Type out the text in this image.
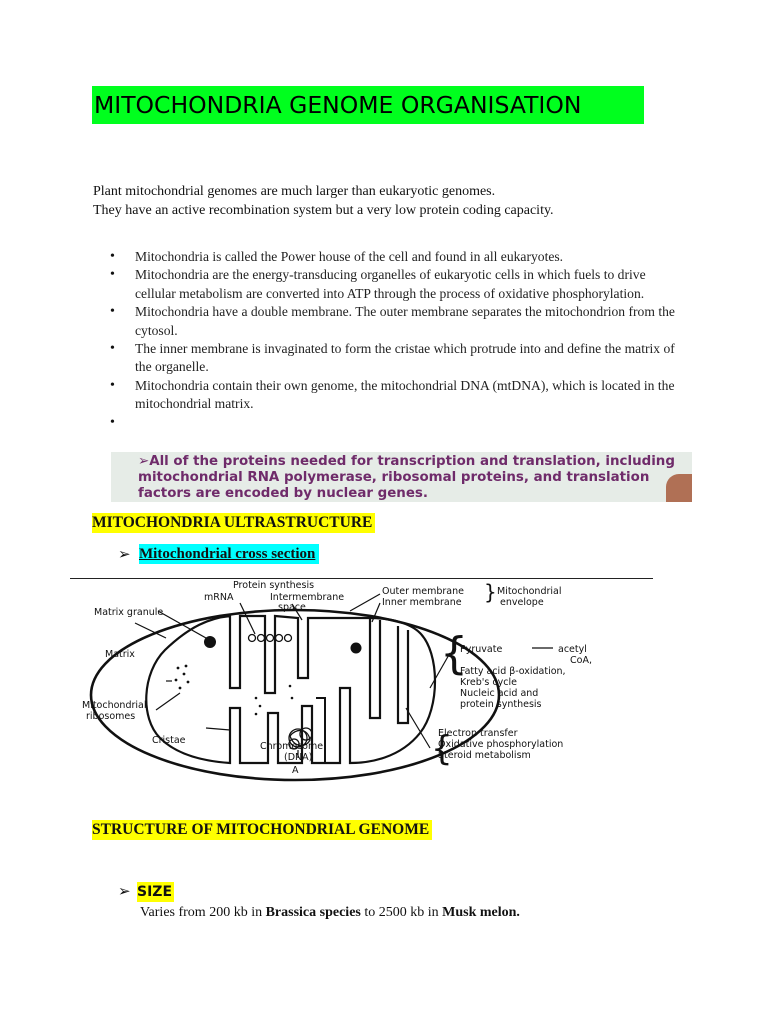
MITOCHONDRIA GENOME ORGANISATION
Plant mitochondrial genomes are much larger than eukaryotic genomes.
They have an active recombination system but a very low protein coding capacity.
• Mitochondria is called the Power house of the cell and found in all eukaryotes.
• Mitochondria are the energy-transducing organelles of eukaryotic cells in which fuels to drive cellular metabolism are converted into ATP through the process of oxidative phosphorylation.
• Mitochondria have a double membrane. The outer membrane separates the mitochondrion from the cytosol.
• The inner membrane is invaginated to form the cristae which protrude into and define the matrix of the organelle.
• Mitochondria contain their own genome, the mitochondrial DNA (mtDNA), which is located in the mitochondrial matrix.
•
➢All of the proteins needed for transcription and translation, including mitochondrial RNA polymerase, ribosomal proteins, and translation factors are encoded by nuclear genes.
MITOCHONDRIA ULTRASTRUCTURE
➢ Mitochondrial cross section
}
{
{
Protein synthesis
mRNA	Intermembrane
space
Outer membrane
Inner membrane
Mitochondrial
envelope
Matrix granule
Matrix
Mitochondrial
ribosomes
Cristae
Chromosome
(DNA)
A
Pyruvate	acetyl
CoA,
Fatty acid β-oxidation,
Kreb's cycle
Nucleic acid and
protein synthesis
Electron transfer
Oxidative phosphorylation
Steroid metabolism
STRUCTURE OF MITOCHONDRIAL GENOME
➢ SIZE
Varies from 200 kb in Brassica species to 2500 kb in Musk melon.
